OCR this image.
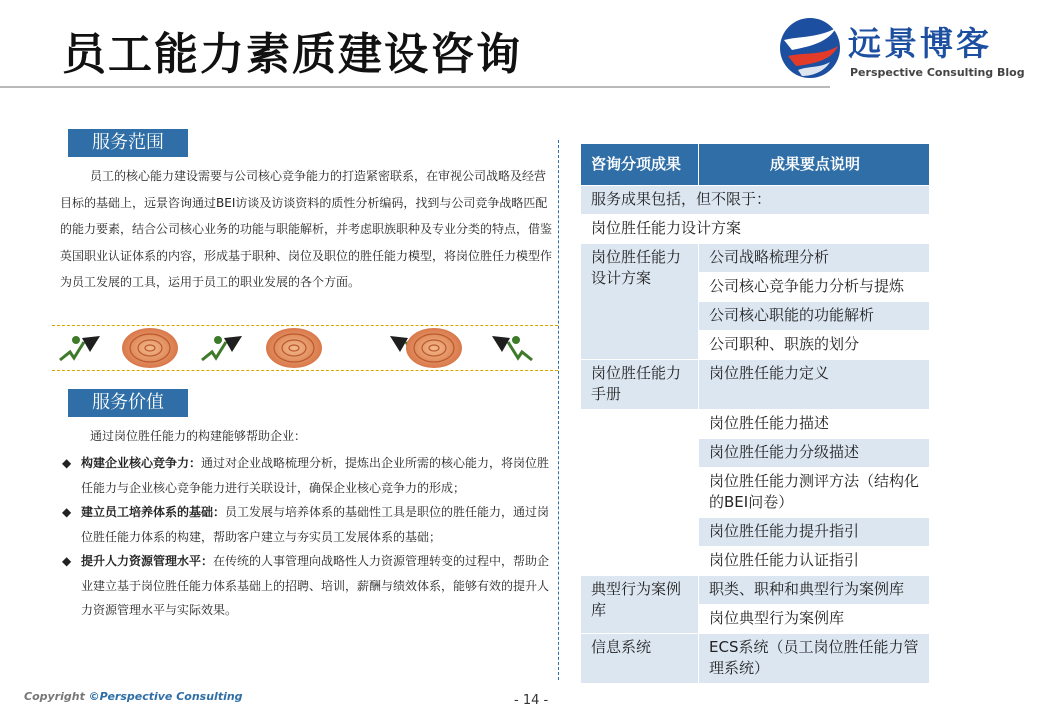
员工能力素质建设咨询	远景博客
Perspective Consulting Blog
服务范围

员工的核心能力建设需要与公司核心竞争能力的打造紧密联系，在审视公司战略及经营目标的基础上，远景咨询通过BEI访谈及访谈资料的质性分析编码，找到与公司竞争战略匹配的能力要素，结合公司核心业务的功能与职能解析，并考虑职族职种及专业分类的特点，借鉴英国职业认证体系的内容，形成基于职种、岗位及职位的胜任能力模型，将岗位胜任力模型作为员工发展的工具，运用于员工的职业发展的各个方面。

服务价值
通过岗位胜任能力的构建能够帮助企业：

◆ 构建企业核心竞争力：通过对企业战略梳理分析，提炼出企业所需的核心能力，将岗位胜任能力与企业核心竞争能力进行关联设计，确保企业核心竞争力的形成；

◆ 建立员工培养体系的基础：员工发展与培养体系的基础性工具是职位的胜任能力，通过岗位胜任能力体系的构建，帮助客户建立与夯实员工发展体系的基础；

◆ 提升人力资源管理水平：在传统的人事管理向战略性人力资源管理转变的过程中，帮助企业建立基于岗位胜任能力体系基础上的招聘、培训，薪酬与绩效体系，能够有效的提升人力资源管理水平与实际效果。

咨询分项成果	成果要点说明
服务成果包括，但不限于：	
岗位胜任能力设计方案	
岗位胜任能力设计方案	公司战略梳理分析
	公司核心竞争能力分析与提炼
	公司核心职能的功能解析
	公司职种、职族的划分
岗位胜任能力手册	岗位胜任能力定义
	岗位胜任能力描述
	岗位胜任能力分级描述
	岗位胜任能力测评方法（结构化的BEI问卷）
	岗位胜任能力提升指引
	岗位胜任能力认证指引
典型行为案例库	职类、职种和典型行为案例库
	岗位典型行为案例库
信息系统	ECS系统（员工岗位胜任能力管理系统）
Copyright ©Perspective Consulting	- 14 -
